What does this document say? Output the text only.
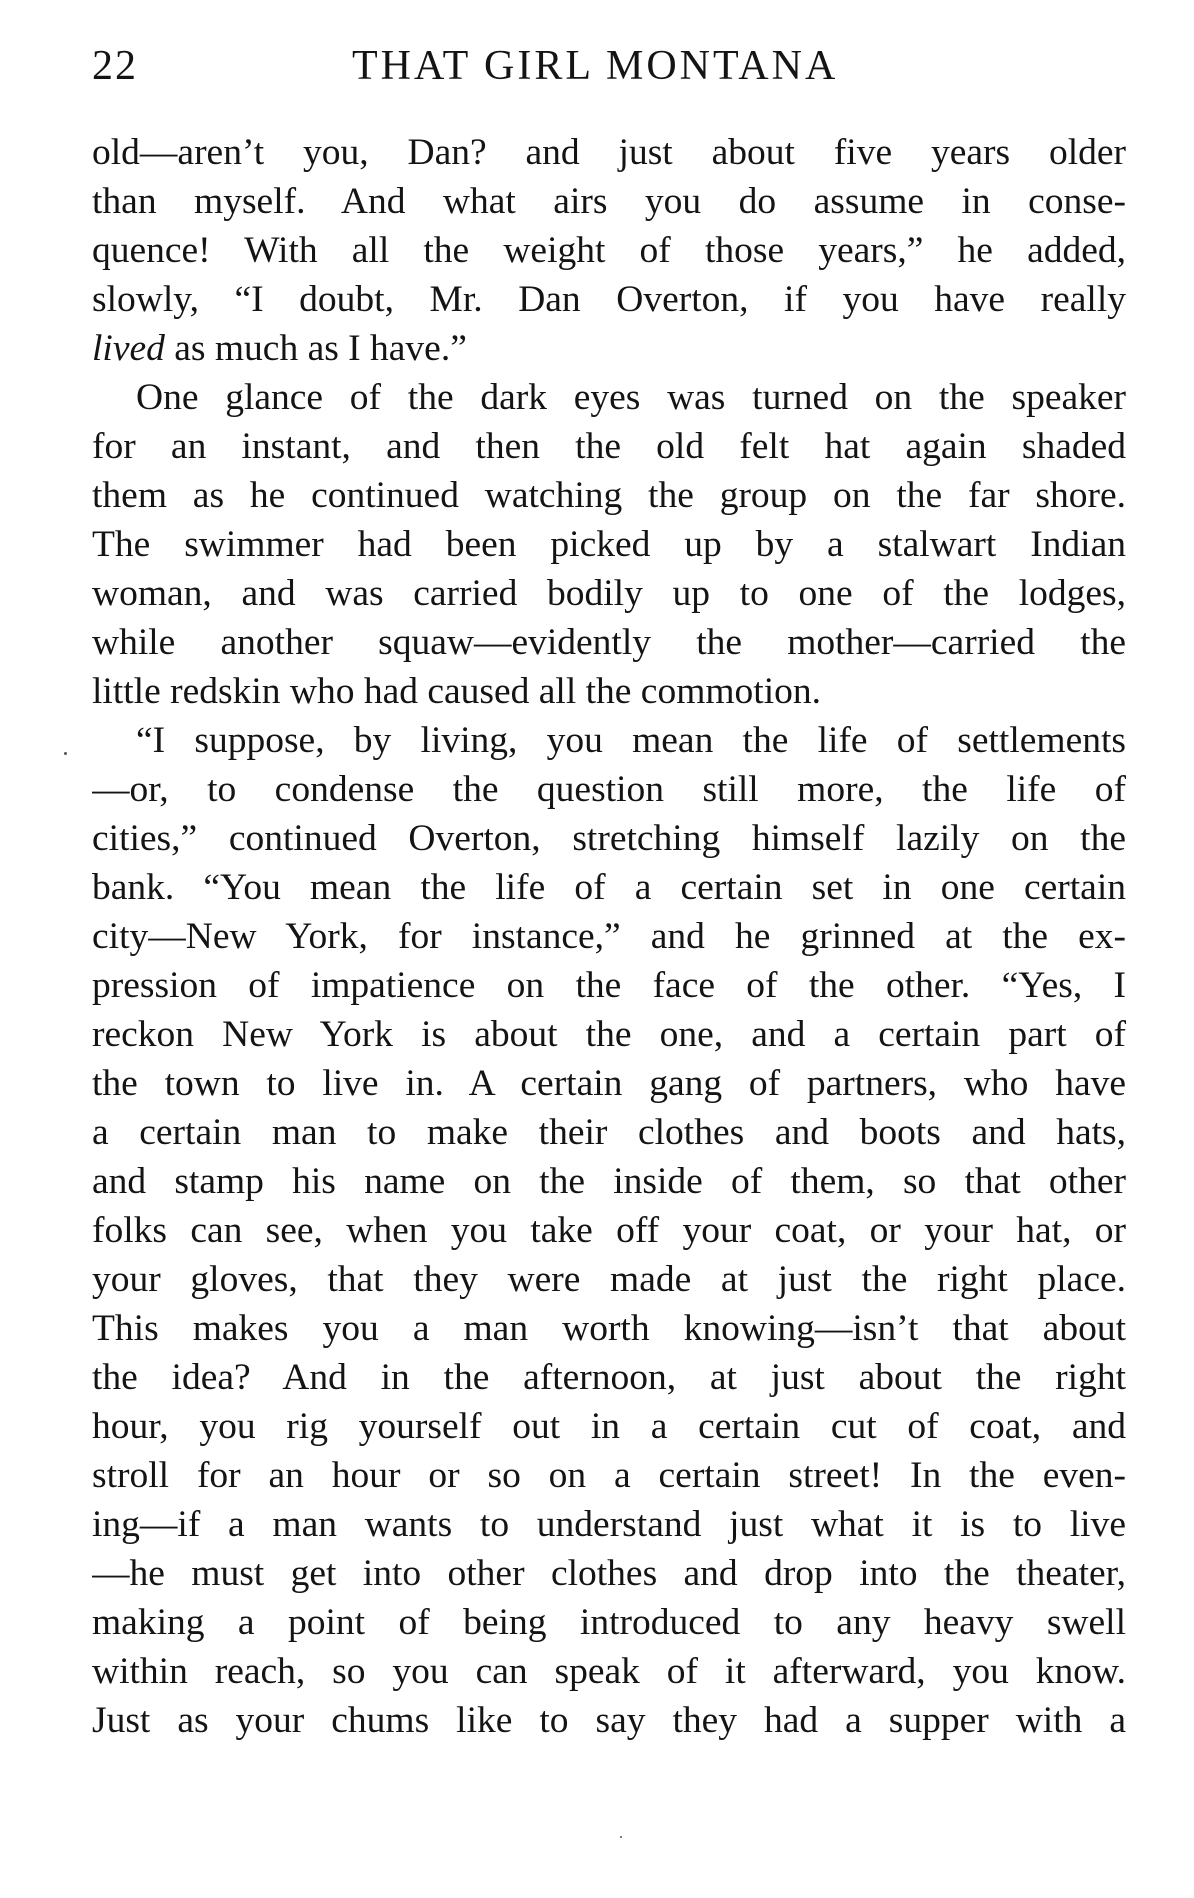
22	THAT GIRL MONTANA
old—aren’t you, Dan? and just about five years older
than myself. And what airs you do assume in conse-
quence! With all the weight of those years,” he added,
slowly, “I doubt, Mr. Dan Overton, if you have really
lived as much as I have.”
One glance of the dark eyes was turned on the speaker
for an instant, and then the old felt hat again shaded
them as he continued watching the group on the far shore.
The swimmer had been picked up by a stalwart Indian
woman, and was carried bodily up to one of the lodges,
while another squaw—evidently the mother—carried the
little redskin who had caused all the commotion.
“I suppose, by living, you mean the life of settlements
—or, to condense the question still more, the life of
cities,” continued Overton, stretching himself lazily on the
bank. “You mean the life of a certain set in one certain
city—New York, for instance,” and he grinned at the ex-
pression of impatience on the face of the other. “Yes, I
reckon New York is about the one, and a certain part of
the town to live in. A certain gang of partners, who have
a certain man to make their clothes and boots and hats,
and stamp his name on the inside of them, so that other
folks can see, when you take off your coat, or your hat, or
your gloves, that they were made at just the right place.
This makes you a man worth knowing—isn’t that about
the idea? And in the afternoon, at just about the right
hour, you rig yourself out in a certain cut of coat, and
stroll for an hour or so on a certain street! In the even-
ing—if a man wants to understand just what it is to live
—he must get into other clothes and drop into the theater,
making a point of being introduced to any heavy swell
within reach, so you can speak of it afterward, you know.
Just as your chums like to say they had a supper with a
